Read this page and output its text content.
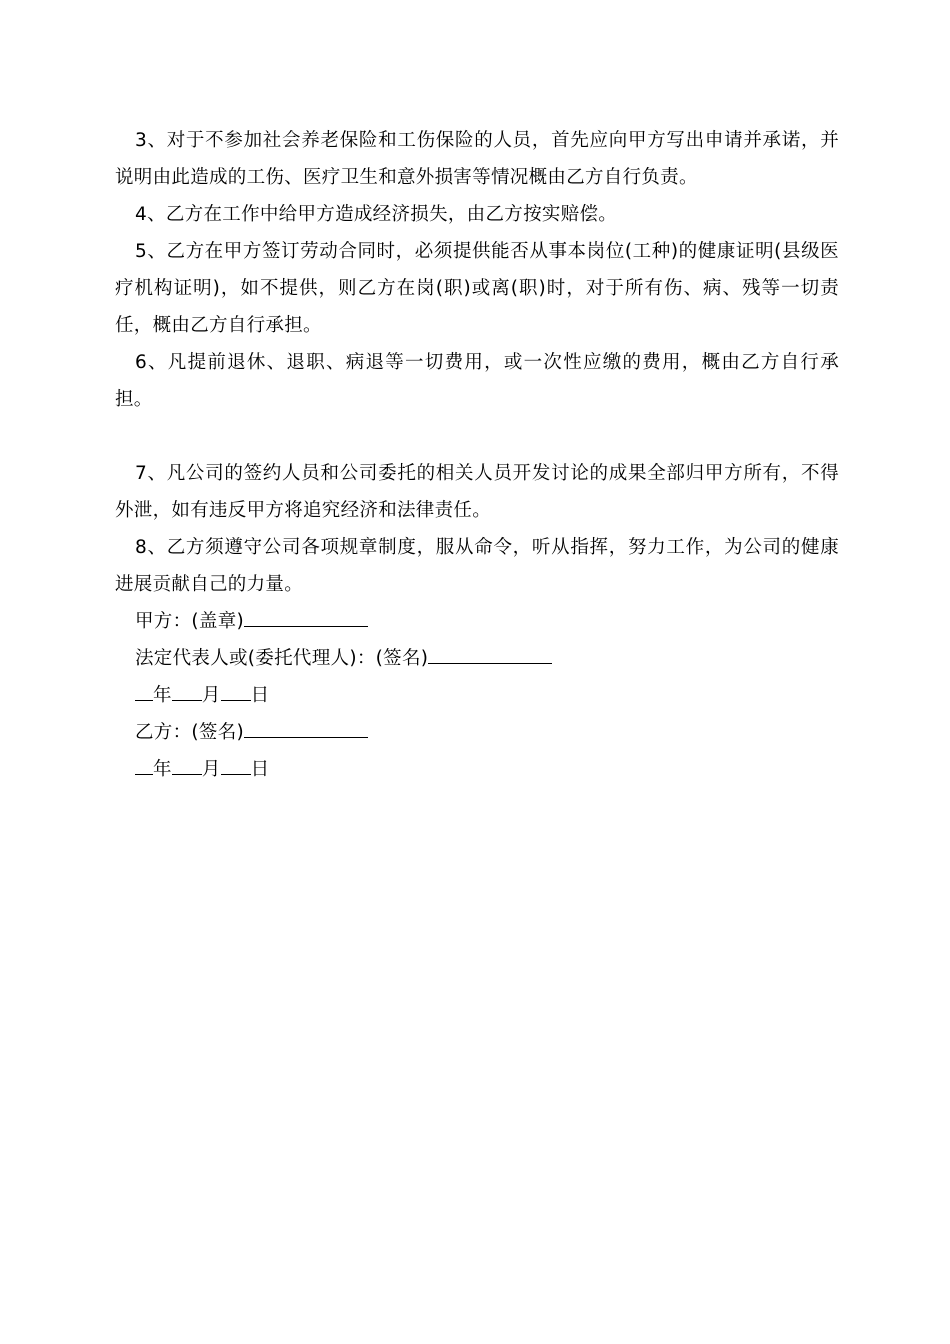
3、对于不参加社会养老保险和工伤保险的人员，首先应向甲方写出申请并承诺，并说明由此造成的工伤、医疗卫生和意外损害等情况概由乙方自行负责。

4、乙方在工作中给甲方造成经济损失，由乙方按实赔偿。

5、乙方在甲方签订劳动合同时，必须提供能否从事本岗位(工种)的健康证明(县级医疗机构证明)，如不提供，则乙方在岗(职)或离(职)时，对于所有伤、病、残等一切责任，概由乙方自行承担。

6、凡提前退休、退职、病退等一切费用，或一次性应缴的费用，概由乙方自行承担。

7、凡公司的签约人员和公司委托的相关人员开发讨论的成果全部归甲方所有，不得外泄，如有违反甲方将追究经济和法律责任。

8、乙方须遵守公司各项规章制度，服从命令，听从指挥，努力工作，为公司的健康进展贡献自己的力量。

甲方：(盖章)

法定代表人或(委托代理人)：(签名)

年 月 日

乙方：(签名)

年 月 日
